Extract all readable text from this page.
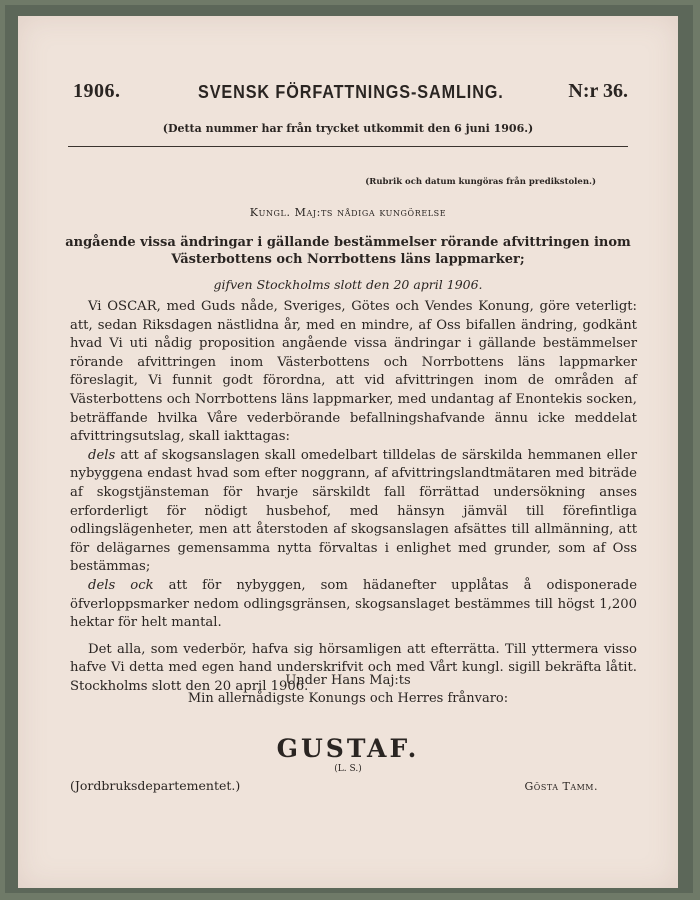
1906.	SVENSK FÖRFATTNINGS-SAMLING.	N:r 36.
(Detta nummer har från trycket utkommit den 6 juni 1906.)
(Rubrik och datum kungöras från predikstolen.)
Kungl. Maj:ts nådiga kungörelse
angående vissa ändringar i gällande bestämmelser rörande afvittringen inom Västerbottens och Norrbottens läns lappmarker;
gifven Stockholms slott den 20 april 1906.

Vi OSCAR, med Guds nåde, Sveriges, Götes och Vendes Konung, göre veterligt: att, sedan Riksdagen nästlidna år, med en mindre, af Oss bifallen ändring, godkänt hvad Vi uti nådig proposition angående vissa ändringar i gällande bestämmelser rörande afvittringen inom Västerbottens och Norrbottens läns lappmarker föreslagit, Vi funnit godt förordna, att vid afvittringen inom de områden af Västerbottens och Norrbottens läns lappmarker, med undantag af Enontekis socken, beträffande hvilka Våre vederbörande befallningshafvande ännu icke meddelat afvittringsutslag, skall iakttagas:

dels att af skogsanslagen skall omedelbart tilldelas de särskilda hemmanen eller nybyggena endast hvad som efter noggrann, af afvittringslandtmätaren med biträde af skogstjänsteman för hvarje särskildt fall förrättad undersökning anses erforderligt för nödigt husbehof, med hänsyn jämväl till förefintliga odlingslägenheter, men att återstoden af skogsanslagen afsättes till allmänning, att för delägarnes gemensamma nytta förvaltas i enlighet med grunder, som af Oss bestämmas;

dels ock att för nybyggen, som hädanefter upplåtas å odisponerade öfverloppsmarker nedom odlingsgränsen, skogsanslaget bestämmes till högst 1,200 hektar för helt mantal.

Det alla, som vederbör, hafva sig hörsamligen att efterrätta. Till yttermera visso hafve Vi detta med egen hand underskrifvit och med Vårt kungl. sigill bekräfta låtit. Stockholms slott den 20 april 1906.

Under Hans Maj:ts
Min allernådigste Konungs och Herres frånvaro:
GUSTAF.
(L. S.)
(Jordbruksdepartementet.)	Gösta Tamm.
